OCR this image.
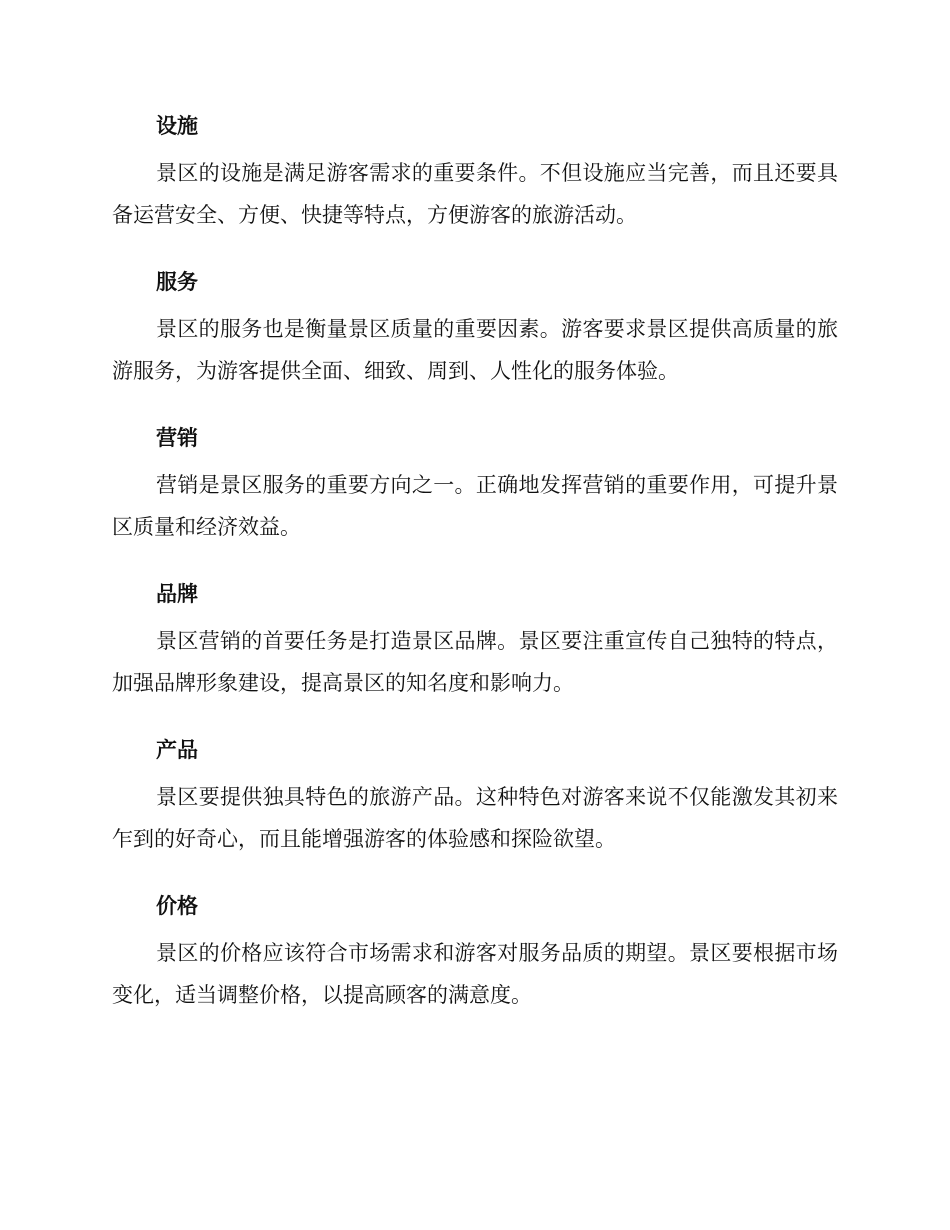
设施

景区的设施是满足游客需求的重要条件。不但设施应当完善，而且还要具备运营安全、方便、快捷等特点，方便游客的旅游活动。

服务

景区的服务也是衡量景区质量的重要因素。游客要求景区提供高质量的旅游服务，为游客提供全面、细致、周到、人性化的服务体验。

营销

营销是景区服务的重要方向之一。正确地发挥营销的重要作用，可提升景区质量和经济效益。

品牌

景区营销的首要任务是打造景区品牌。景区要注重宣传自己独特的特点，加强品牌形象建设，提高景区的知名度和影响力。

产品

景区要提供独具特色的旅游产品。这种特色对游客来说不仅能激发其初来乍到的好奇心，而且能增强游客的体验感和探险欲望。

价格

景区的价格应该符合市场需求和游客对服务品质的期望。景区要根据市场变化，适当调整价格，以提高顾客的满意度。
